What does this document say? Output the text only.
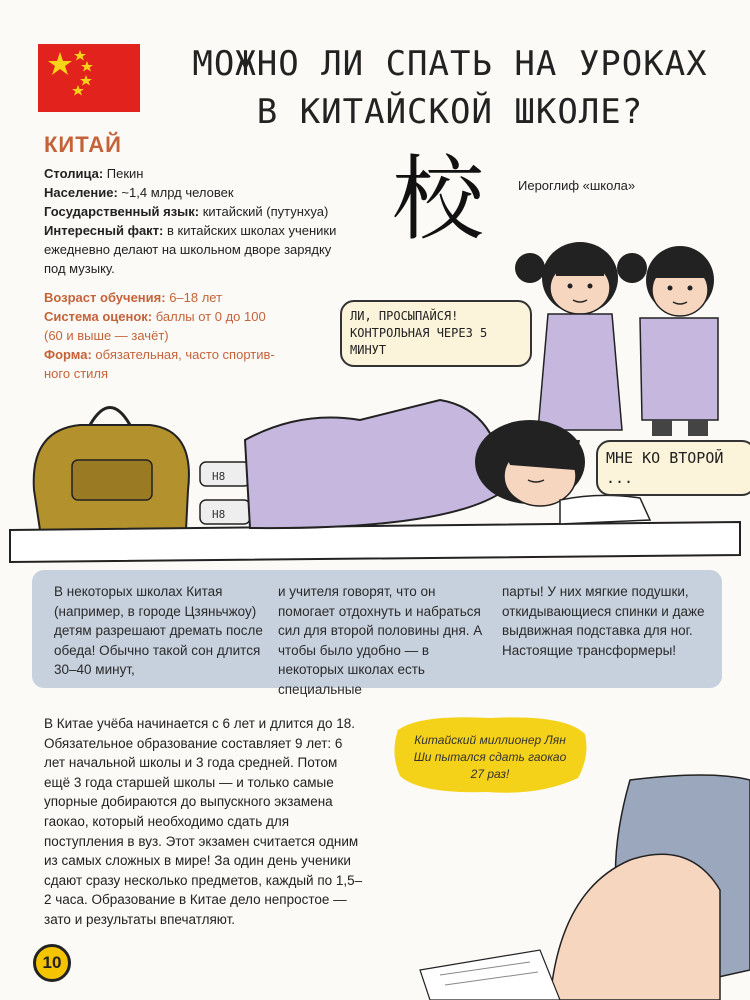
МОЖНО ЛИ СПАТЬ НА УРОКАХ
В КИТАЙСКОЙ ШКОЛЕ?
КИТАЙ
Столица: Пекин
Население: ~1,4 млрд человек
Государственный язык: китайский (путунхуа)
Интересный факт: в китайских школах ученики ежедневно делают на школьном дворе зарядку под музыку.
Возраст обучения: 6–18 лет
Система оценок: баллы от 0 до 100 (60 и выше — зачёт)
Форма: обязательная, часто спортивного стиля
校	Иероглиф «школа»
H8
H8
ЛИ, ПРОСЫПАЙСЯ! КОНТРОЛЬНАЯ ЧЕРЕЗ 5 МИНУТ
МНЕ КО ВТОРОЙ ...
В некоторых школах Китая (например, в городе Цзяньчжоу) детям разрешают дремать после обеда! Обычно такой сон длится 30–40 минут,
и учителя говорят, что он помогает отдохнуть и набраться сил для второй половины дня. А чтобы было удобно — в некоторых школах есть специальные
парты! У них мягкие подушки, откидывающиеся спинки и даже выдвижная подставка для ног. Настоящие трансформеры!
В Китае учёба начинается с 6 лет и длится до 18. Обязательное образование составляет 9 лет: 6 лет начальной школы и 3 года средней. Потом ещё 3 года старшей школы — и только самые упорные добираются до выпускного экзамена гаокао, который необходимо сдать для поступления в вуз. Этот экзамен считается одним из самых сложных в мире! За один день ученики сдают сразу несколько предметов, каждый по 1,5–2 часа. Образование в Китае дело непростое — зато и результаты впечатляют.
Китайский миллионер Лян Ши пытался сдать гаокао 27 раз!
10
